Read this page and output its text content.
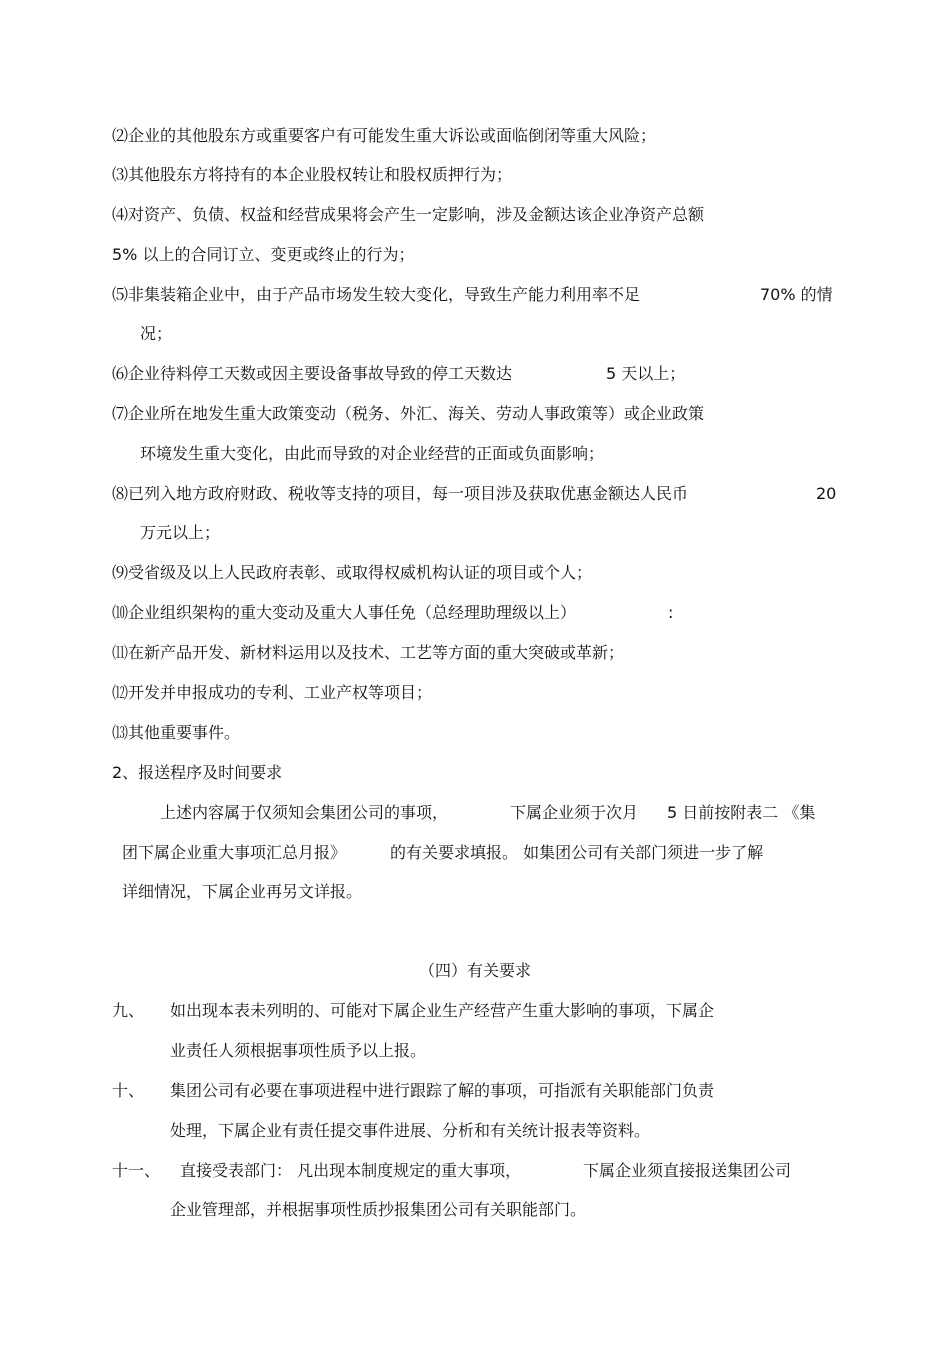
⑵企业的其他股东方或重要客户有可能发生重大诉讼或面临倒闭等重大风险；
⑶其他股东方将持有的本企业股权转让和股权质押行为；
⑷对资产、负债、权益和经营成果将会产生一定影响，涉及金额达该企业净资产总额
5% 以上的合同订立、变更或终止的行为；
⑸非集装箱企业中，由于产品市场发生较大变化，导致生产能力利用率不足	70% 的情
况；
⑹企业待料停工天数或因主要设备事故导致的停工天数达	5 天以上；
⑺企业所在地发生重大政策变动（税务、外汇、海关、劳动人事政策等）或企业政策
环境发生重大变化，由此而导致的对企业经营的正面或负面影响；
⑻已列入地方政府财政、税收等支持的项目，每一项目涉及获取优惠金额达人民币	20
万元以上；
⑼受省级及以上人民政府表彰、或取得权威机构认证的项目或个人；
⑽企业组织架构的重大变动及重大人事任免（总经理助理级以上）	:
⑾在新产品开发、新材料运用以及技术、工艺等方面的重大突破或革新；
⑿开发并申报成功的专利、工业产权等项目；
⒀其他重要事件。
2、报送程序及时间要求
上述内容属于仅须知会集团公司的事项，	下属企业须于次月 5 日前按附表二 《集
团下属企业重大事项汇总月报》	的有关要求填报。 如集团公司有关部门须进一步了解
详细情况，下属企业再另文详报。
（四）有关要求
九、 如出现本表未列明的、可能对下属企业生产经营产生重大影响的事项，下属企
业责任人须根据事项性质予以上报。
十、 集团公司有必要在事项进程中进行跟踪了解的事项，可指派有关职能部门负责
处理，下属企业有责任提交事件进展、分析和有关统计报表等资料。
十一、 直接受表部门： 凡出现本制度规定的重大事项，	下属企业须直接报送集团公司
企业管理部，并根据事项性质抄报集团公司有关职能部门。
